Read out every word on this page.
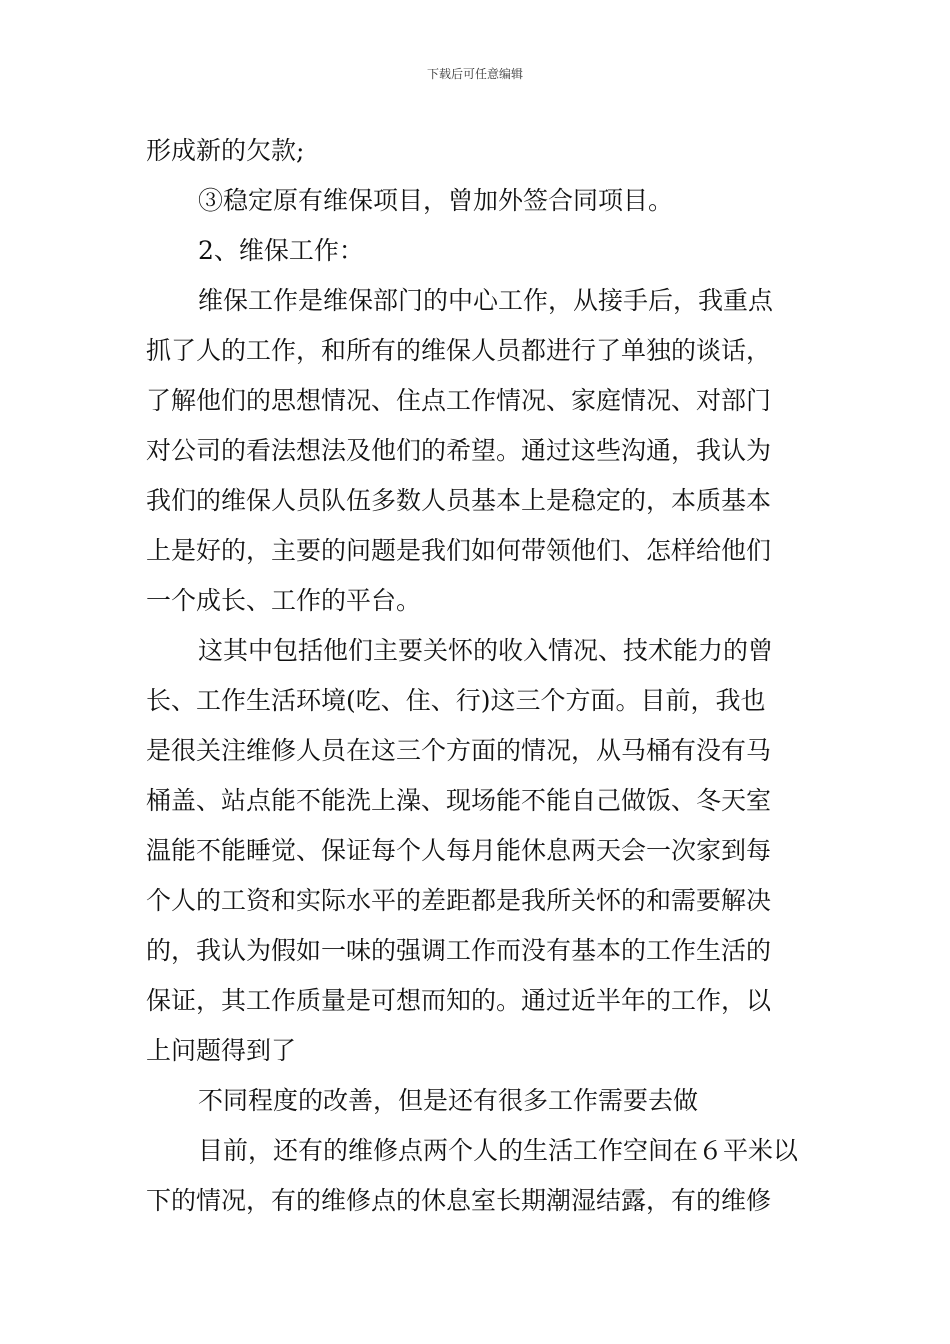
下载后可任意编辑
形成新的欠款;
③稳定原有维保项目，曾加外签合同项目。
2、维保工作：
维保工作是维保部门的中心工作，从接手后，我重点
抓了人的工作，和所有的维保人员都进行了单独的谈话，
了解他们的思想情况、住点工作情况、家庭情况、对部门
对公司的看法想法及他们的希望。通过这些沟通，我认为
我们的维保人员队伍多数人员基本上是稳定的，本质基本
上是好的，主要的问题是我们如何带领他们、怎样给他们
一个成长、工作的平台。
这其中包括他们主要关怀的收入情况、技术能力的曾
长、工作生活环境(吃、住、行)这三个方面。目前，我也
是很关注维修人员在这三个方面的情况，从马桶有没有马
桶盖、站点能不能洗上澡、现场能不能自己做饭、冬天室
温能不能睡觉、保证每个人每月能休息两天会一次家到每
个人的工资和实际水平的差距都是我所关怀的和需要解决
的，我认为假如一味的强调工作而没有基本的工作生活的
保证，其工作质量是可想而知的。通过近半年的工作，以
上问题得到了
不同程度的改善，但是还有很多工作需要去做
目前，还有的维修点两个人的生活工作空间在６平米以
下的情况，有的维修点的休息室长期潮湿结露，有的维修
